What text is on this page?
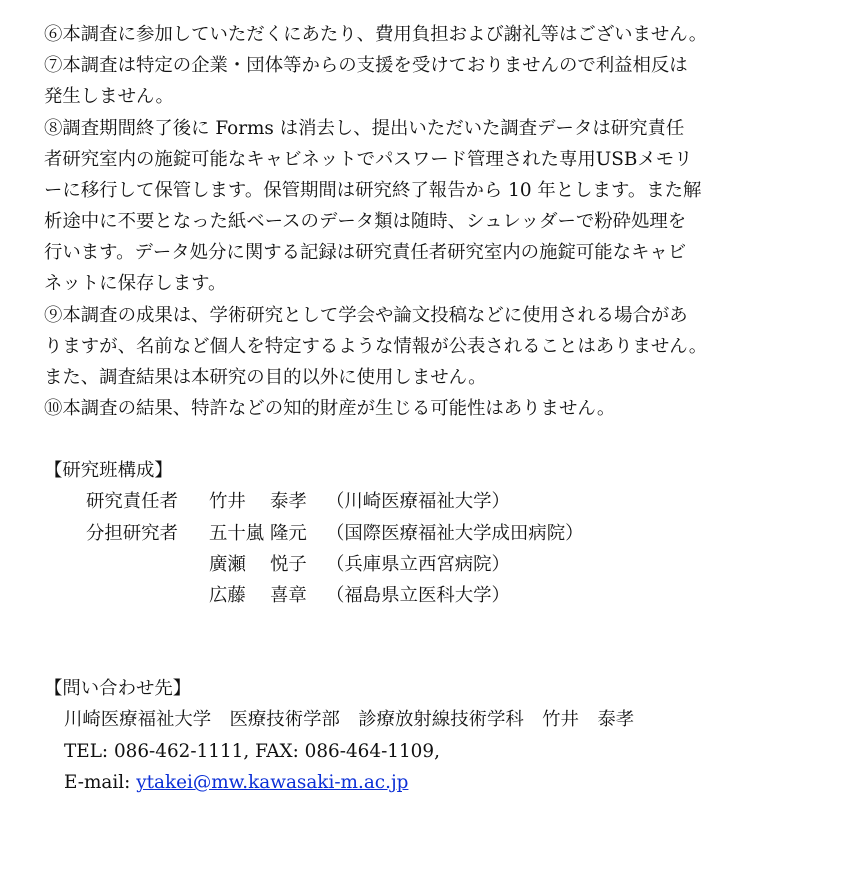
⑥本調査に参加していただくにあたり、費用負担および謝礼等はございません。
⑦本調査は特定の企業・団体等からの支援を受けておりませんので利益相反は
発生しません。
⑧調査期間終了後に Forms は消去し、提出いただいた調査データは研究責任
者研究室内の施錠可能なキャビネットでパスワード管理された専用USBメモリ
ーに移行して保管します。保管期間は研究終了報告から 10 年とします。また解
析途中に不要となった紙ベースのデータ類は随時、シュレッダーで粉砕処理を
行います。データ処分に関する記録は研究責任者研究室内の施錠可能なキャビ
ネットに保存します。
⑨本調査の成果は、学術研究として学会や論文投稿などに使用される場合があ
りますが、名前など個人を特定するような情報が公表されることはありません。
また、調査結果は本研究の目的以外に使用しません。
⑩本調査の結果、特許などの知的財産が生じる可能性はありません。
【研究班構成】
研究責任者 竹井　 泰孝 （川崎医療福祉大学）
分担研究者 五十嵐 隆元 （国際医療福祉大学成田病院）
廣瀬　 悦子 （兵庫県立西宮病院）
広藤　 喜章 （福島県立医科大学）
【問い合わせ先】
川崎医療福祉大学　医療技術学部　診療放射線技術学科　竹井　泰孝
TEL: 086-462-1111, FAX: 086-464-1109,
E-mail: ytakei@mw.kawasaki-m.ac.jp
